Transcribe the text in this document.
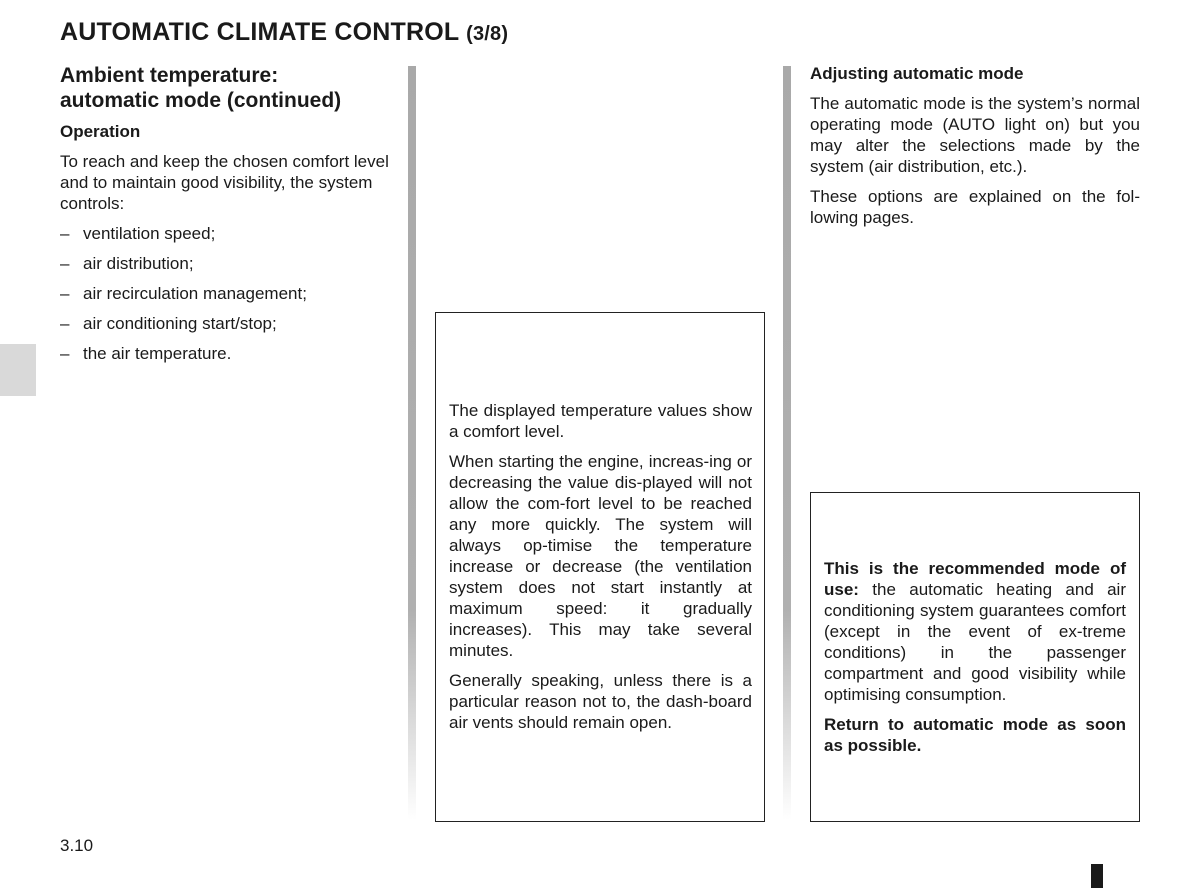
AUTOMATIC CLIMATE CONTROL (3/8)
Ambient temperature:
automatic mode (continued)

Operation

To reach and keep the chosen comfort level and to maintain good visibility, the system controls:

– ventilation speed;
– air distribution;
– air recirculation management;
– air conditioning start/stop;
– the air temperature.

The displayed temperature values show a comfort level.

When starting the engine, increas-ing or decreasing the value dis-played will not allow the com-fort level to be reached any more quickly. The system will always op-timise the temperature increase or decrease (the ventilation system does not start instantly at maximum speed: it gradually increases). This may take several minutes.

Generally speaking, unless there is a particular reason not to, the dash-board air vents should remain open.

Adjusting automatic mode

The automatic mode is the system’s normal operating mode (AUTO light on) but you may alter the selections made by the system (air distribution, etc.).

These options are explained on the fol-lowing pages.

This is the recommended mode of use: the automatic heating and air conditioning system guarantees comfort (except in the event of ex-treme conditions) in the passenger compartment and good visibility while optimising consumption.

Return to automatic mode as soon as possible.

3.10
